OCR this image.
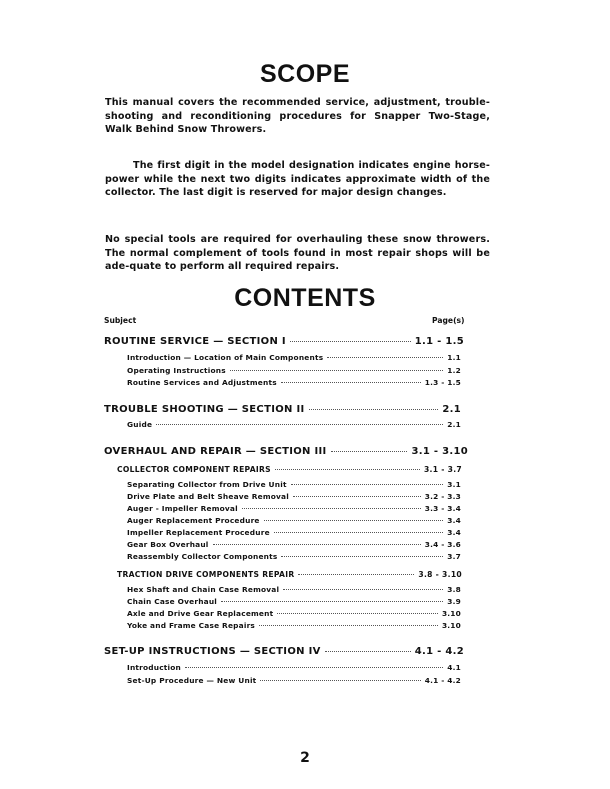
SCOPE
This manual covers the recommended service, adjustment, trouble-shooting and reconditioning procedures for Snapper Two-Stage, Walk Behind Snow Throwers.
The first digit in the model designation indicates engine horse-power while the next two digits indicates approximate width of the collector. The last digit is reserved for major design changes.
No special tools are required for overhauling these snow throwers. The normal complement of tools found in most repair shops will be ade-quate to perform all required repairs.
CONTENTS
Subject	Page(s)
ROUTINE SERVICE — SECTION I	1.1 - 1.5
Introduction — Location of Main Components	1.1
Operating Instructions	1.2
Routine Services and Adjustments	1.3 - 1.5
TROUBLE SHOOTING — SECTION II	2.1
Guide	2.1
OVERHAUL AND REPAIR — SECTION III	3.1 - 3.10
COLLECTOR COMPONENT REPAIRS	3.1 - 3.7
Separating Collector from Drive Unit	3.1
Drive Plate and Belt Sheave Removal	3.2 - 3.3
Auger - Impeller Removal	3.3 - 3.4
Auger Replacement Procedure	3.4
Impeller Replacement Procedure	3.4
Gear Box Overhaul	3.4 - 3.6
Reassembly Collector Components	3.7
TRACTION DRIVE COMPONENTS REPAIR	3.8 - 3.10
Hex Shaft and Chain Case Removal	3.8
Chain Case Overhaul	3.9
Axle and Drive Gear Replacement	3.10
Yoke and Frame Case Repairs	3.10
SET-UP INSTRUCTIONS — SECTION IV	4.1 - 4.2
Introduction	4.1
Set-Up Procedure — New Unit	4.1 - 4.2
2
